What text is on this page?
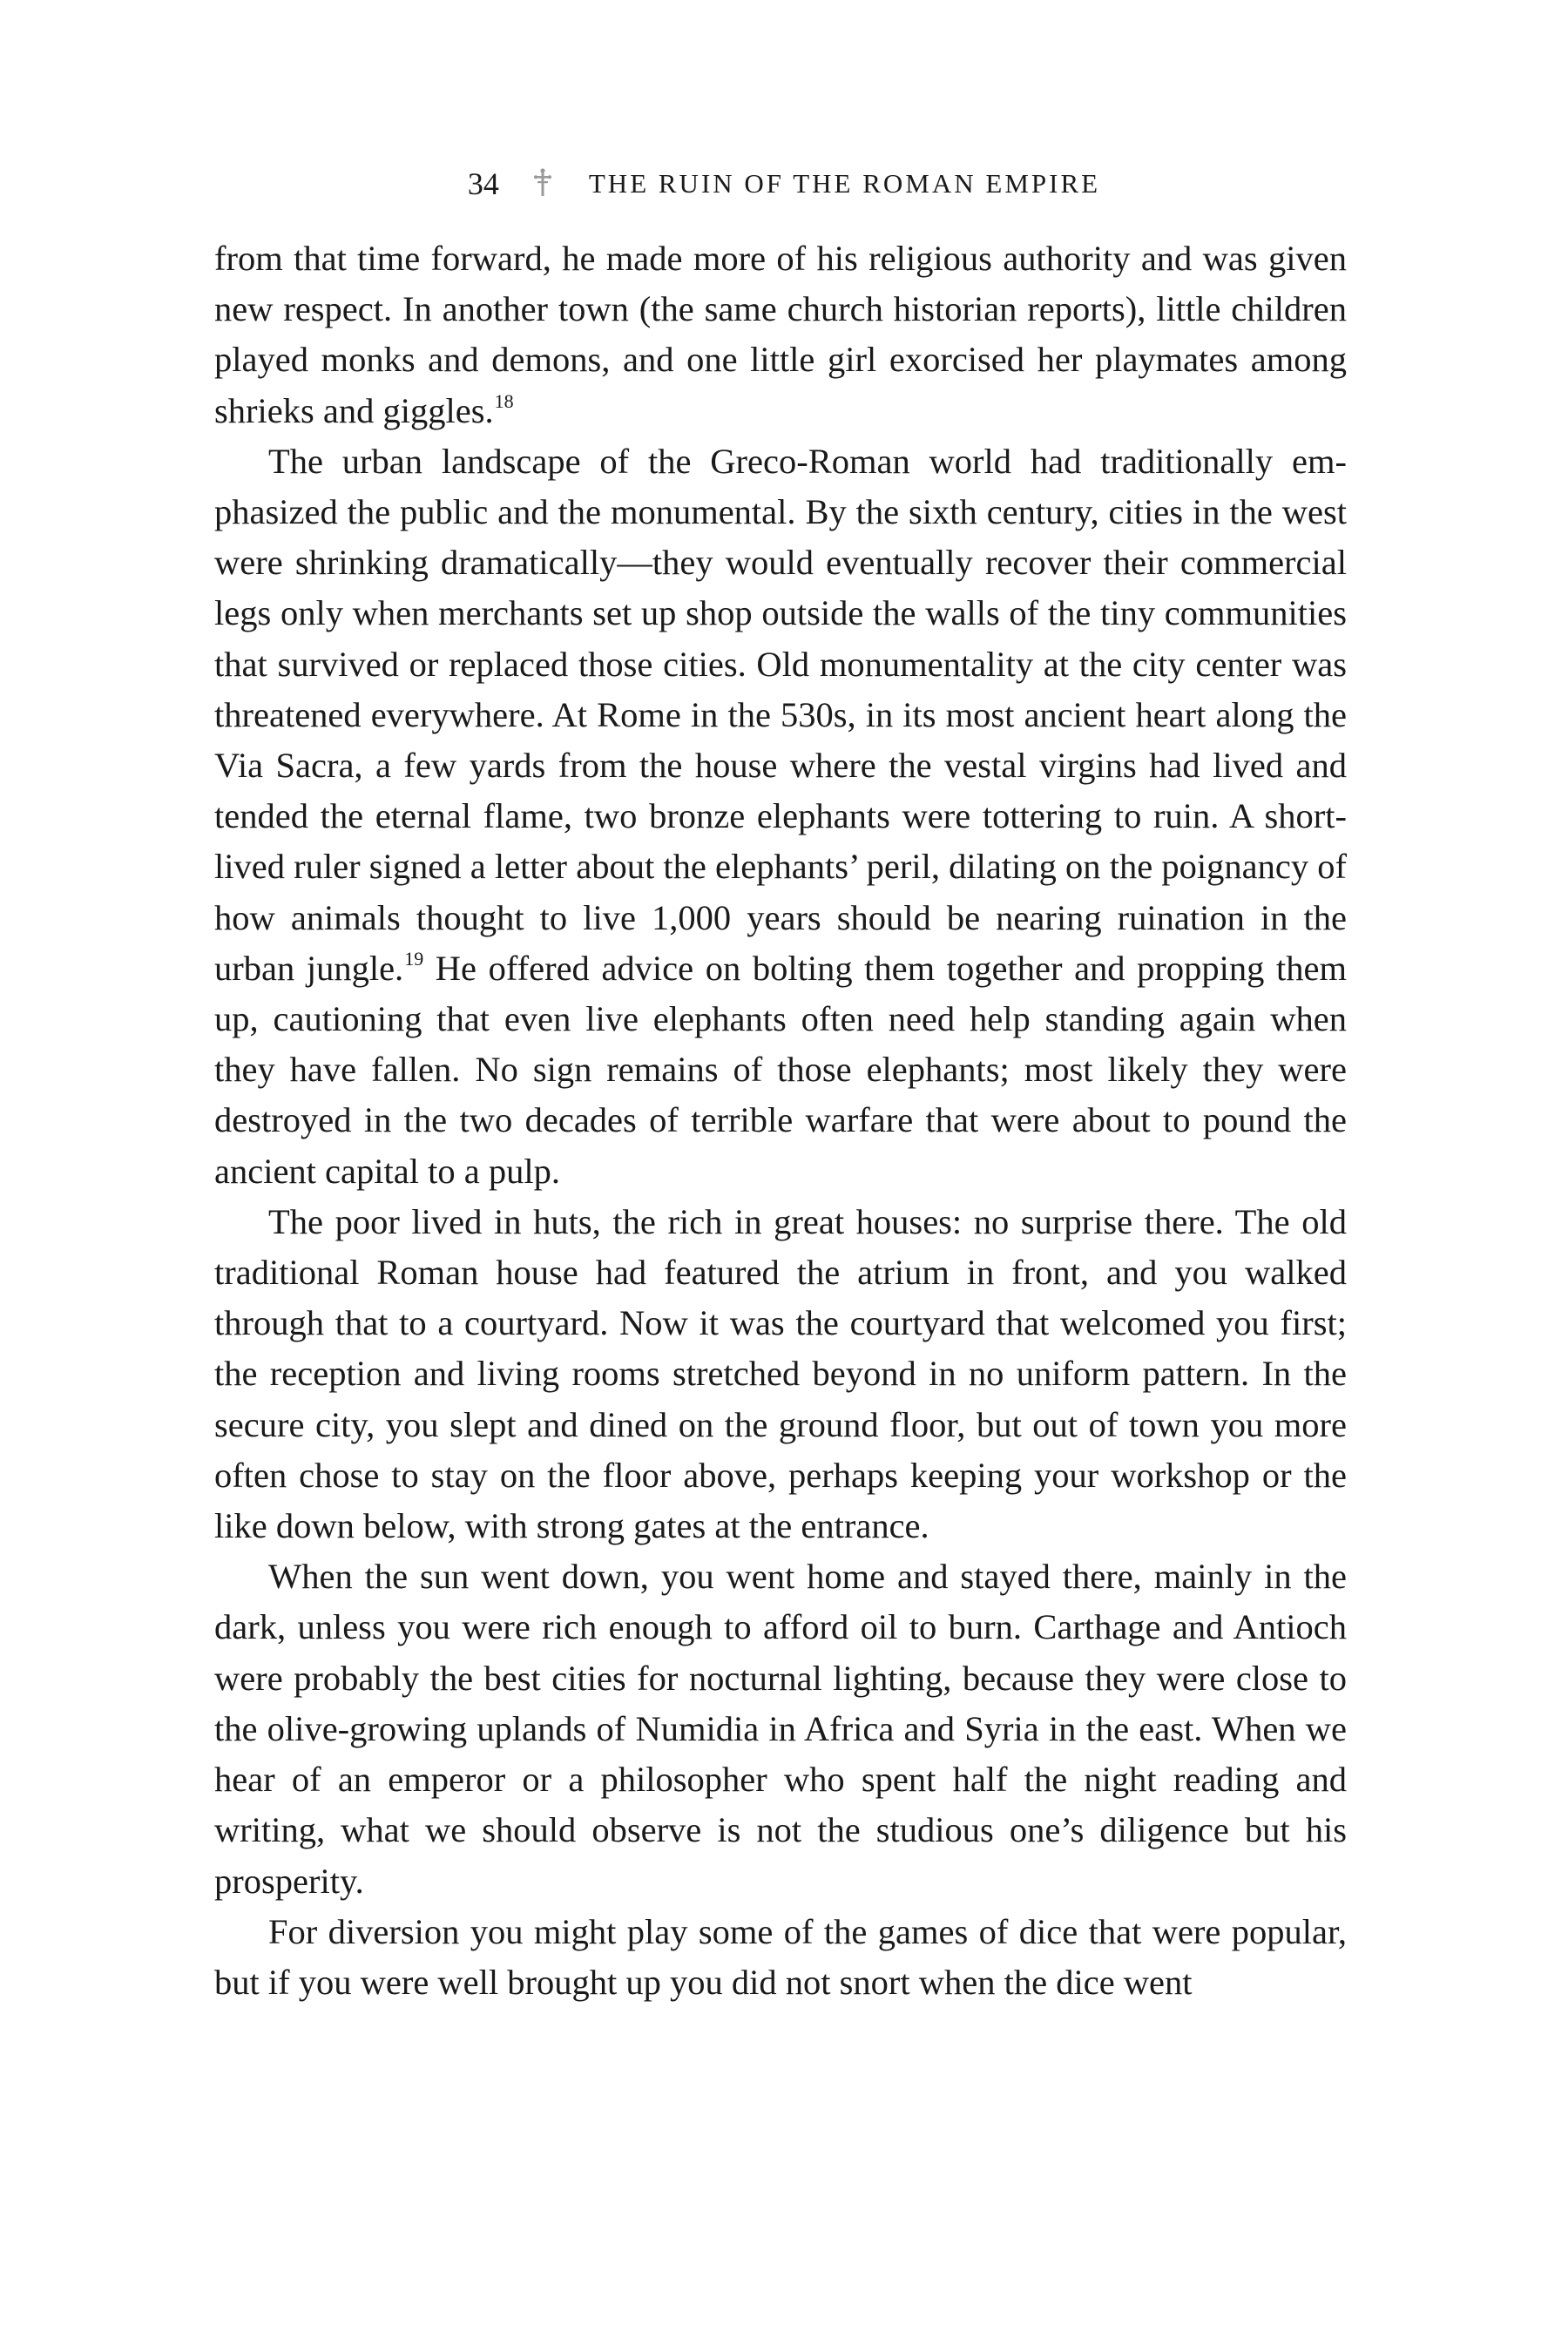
34	THE RUIN OF THE ROMAN EMPIRE

from that time forward, he made more of his religious authority and was given new respect. In another town (the same church historian reports), little children played monks and demons, and one little girl exorcised her playmates among shrieks and giggles.$^{18}$

The urban landscape of the Greco-Roman world had traditionally emphasized the public and the monumental. By the sixth century, cities in the west were shrinking dramatically—they would eventually recover their commercial legs only when merchants set up shop outside the walls of the tiny communities that survived or replaced those cities. Old monumentality at the city center was threatened everywhere. At Rome in the 530s, in its most ancient heart along the Via Sacra, a few yards from the house where the vestal virgins had lived and tended the eternal flame, two bronze elephants were tottering to ruin. A short-lived ruler signed a letter about the elephants’ peril, dilating on the poignancy of how animals thought to live 1,000 years should be nearing ruination in the urban jungle.$^{19}$ He offered advice on bolting them together and propping them up, cautioning that even live elephants often need help standing again when they have fallen. No sign remains of those elephants; most likely they were destroyed in the two decades of terrible warfare that were about to pound the ancient capital to a pulp.

The poor lived in huts, the rich in great houses: no surprise there. The old traditional Roman house had featured the atrium in front, and you walked through that to a courtyard. Now it was the courtyard that welcomed you first; the reception and living rooms stretched beyond in no uniform pattern. In the secure city, you slept and dined on the ground floor, but out of town you more often chose to stay on the floor above, perhaps keeping your workshop or the like down below, with strong gates at the entrance.

When the sun went down, you went home and stayed there, mainly in the dark, unless you were rich enough to afford oil to burn. Carthage and Antioch were probably the best cities for nocturnal lighting, because they were close to the olive-growing uplands of Numidia in Africa and Syria in the east. When we hear of an emperor or a philosopher who spent half the night reading and writing, what we should observe is not the studious one’s diligence but his prosperity.

For diversion you might play some of the games of dice that were popular, but if you were well brought up you did not snort when the dice went
